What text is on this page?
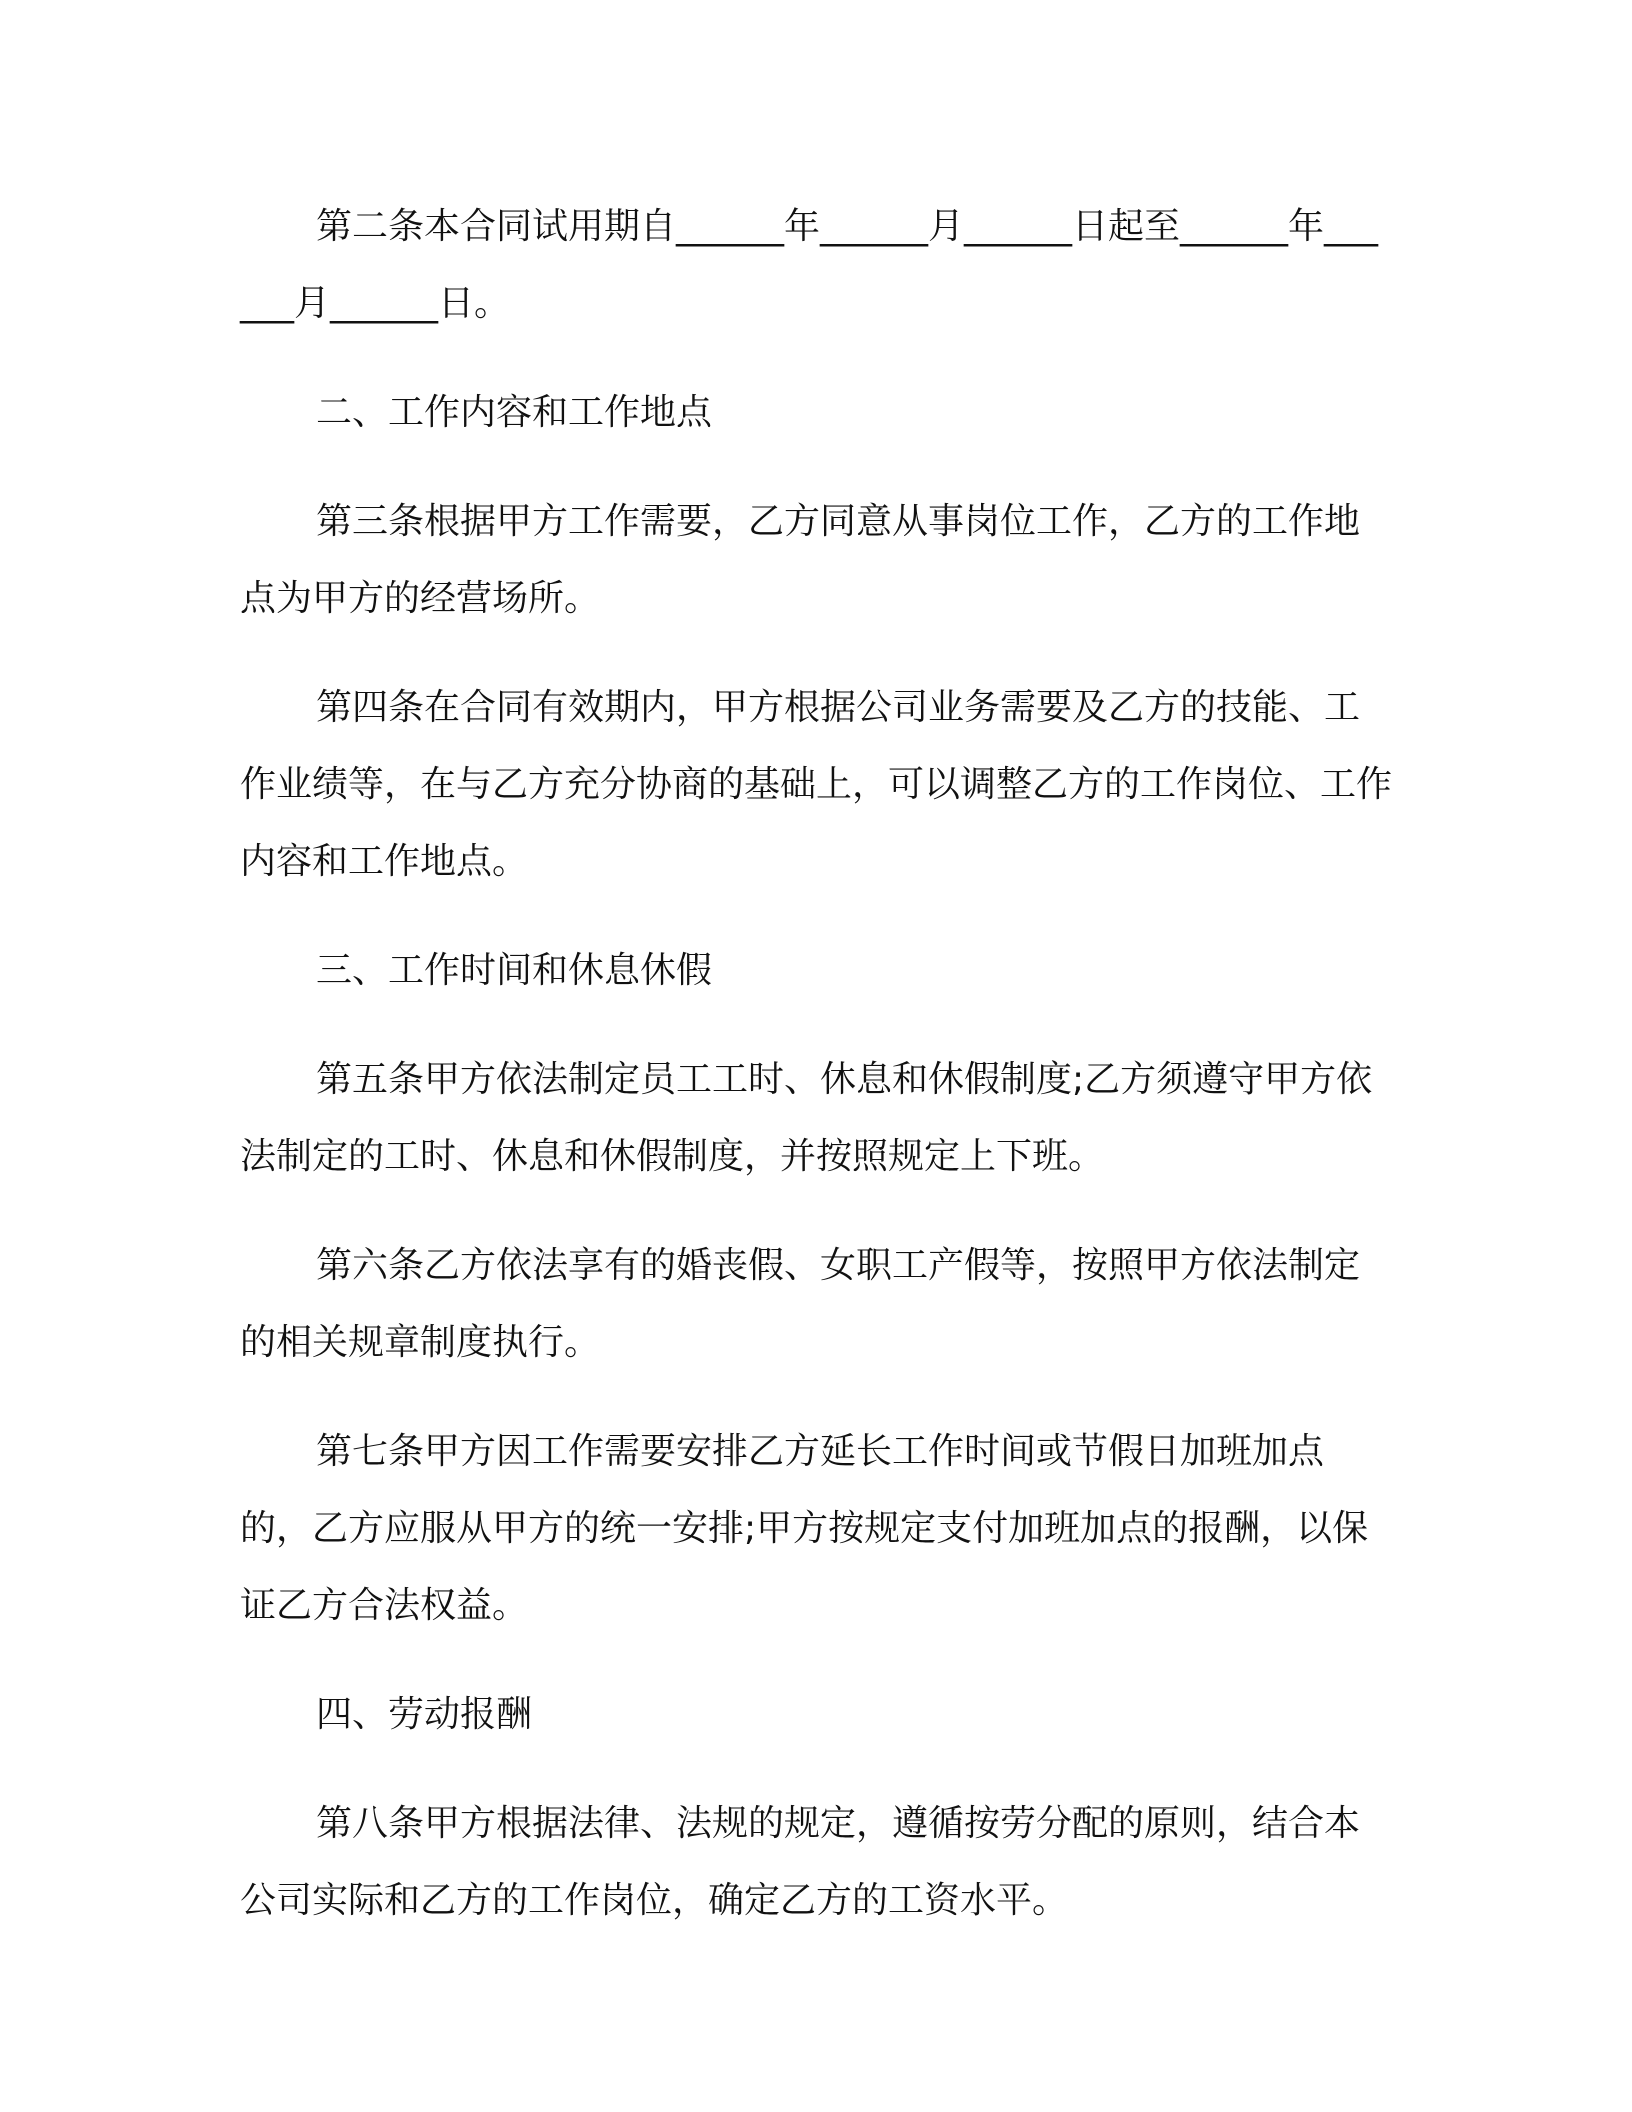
第二条本合同试用期自______年______月______日起至______年______月______日。

二、工作内容和工作地点

第三条根据甲方工作需要，乙方同意从事岗位工作，乙方的工作地点为甲方的经营场所。

第四条在合同有效期内，甲方根据公司业务需要及乙方的技能、工作业绩等，在与乙方充分协商的基础上，可以调整乙方的工作岗位、工作内容和工作地点。

三、工作时间和休息休假

第五条甲方依法制定员工工时、休息和休假制度;乙方须遵守甲方依法制定的工时、休息和休假制度，并按照规定上下班。

第六条乙方依法享有的婚丧假、女职工产假等，按照甲方依法制定的相关规章制度执行。

第七条甲方因工作需要安排乙方延长工作时间或节假日加班加点的，乙方应服从甲方的统一安排;甲方按规定支付加班加点的报酬，以保证乙方合法权益。

四、劳动报酬

第八条甲方根据法律、法规的规定，遵循按劳分配的原则，结合本公司实际和乙方的工作岗位，确定乙方的工资水平。
